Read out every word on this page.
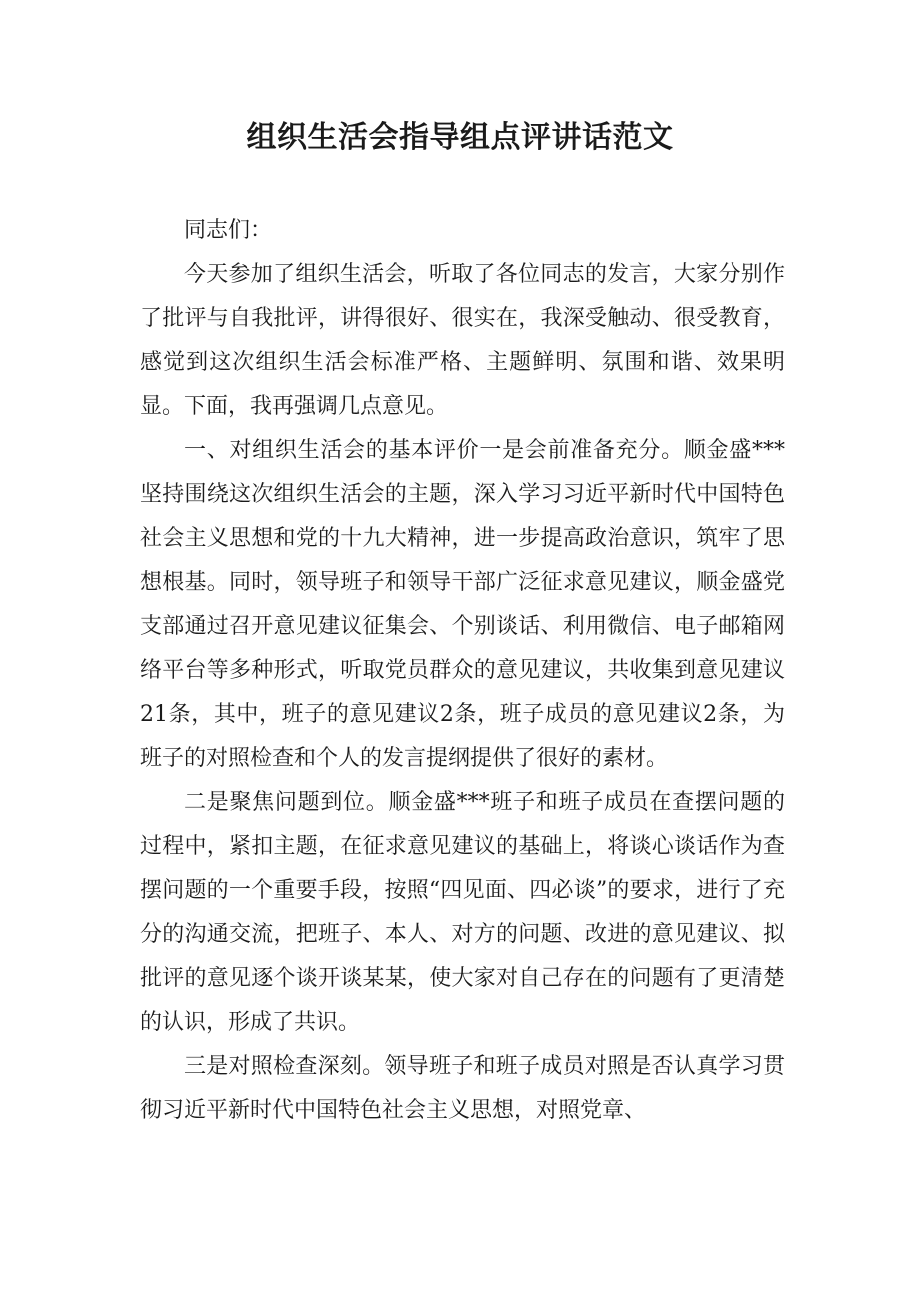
组织生活会指导组点评讲话范文

同志们：

今天参加了组织生活会，听取了各位同志的发言，大家分别作了批评与自我批评，讲得很好、很实在，我深受触动、很受教育，感觉到这次组织生活会标准严格、主题鲜明、氛围和谐、效果明显。下面，我再强调几点意见。

一、对组织生活会的基本评价一是会前准备充分。顺金盛***坚持围绕这次组织生活会的主题，深入学习习近平新时代中国特色社会主义思想和党的十九大精神，进一步提高政治意识，筑牢了思想根基。同时，领导班子和领导干部广泛征求意见建议，顺金盛党支部通过召开意见建议征集会、个别谈话、利用微信、电子邮箱网络平台等多种形式，听取党员群众的意见建议，共收集到意见建议21条，其中，班子的意见建议2条，班子成员的意见建议2条，为班子的对照检查和个人的发言提纲提供了很好的素材。

二是聚焦问题到位。顺金盛***班子和班子成员在查摆问题的过程中，紧扣主题，在征求意见建议的基础上，将谈心谈话作为查摆问题的一个重要手段，按照“四见面、四必谈”的要求，进行了充分的沟通交流，把班子、本人、对方的问题、改进的意见建议、拟批评的意见逐个谈开谈某某，使大家对自己存在的问题有了更清楚的认识，形成了共识。

三是对照检查深刻。领导班子和班子成员对照是否认真学习贯彻习近平新时代中国特色社会主义思想，对照党章、
